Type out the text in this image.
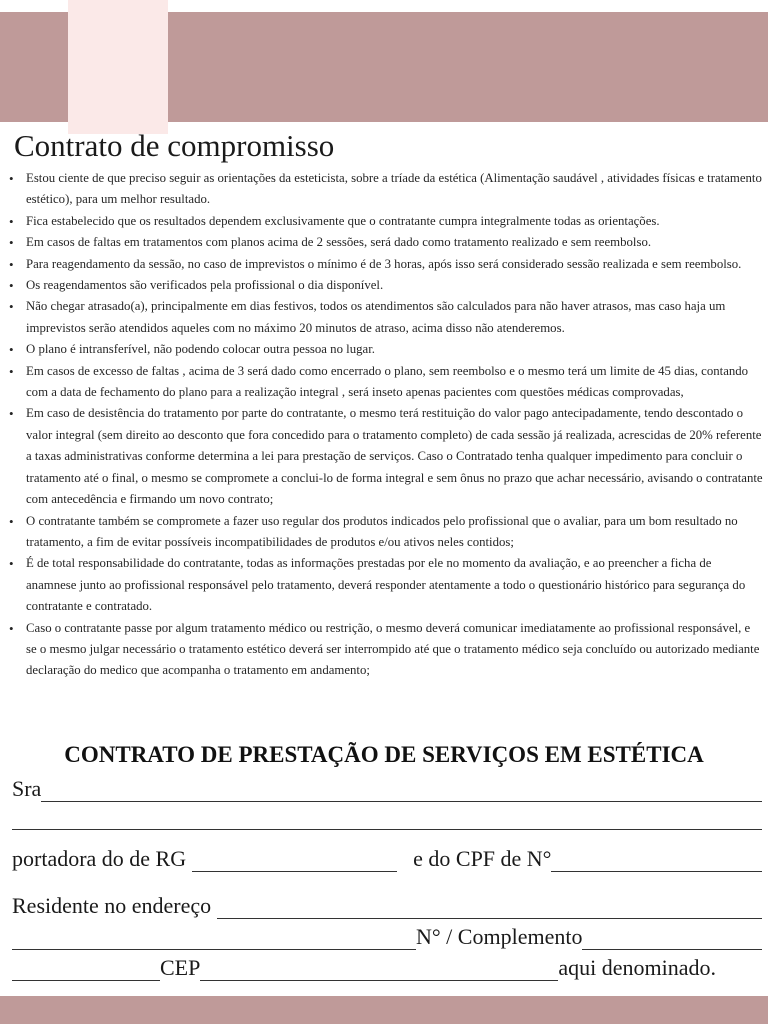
Contrato de compromisso
• Estou ciente de que preciso seguir as orientações da esteticista, sobre a tríade da estética (Alimentação saudável , atividades físicas e tratamento estético), para um melhor resultado.
• Fica estabelecido que os resultados dependem exclusivamente que o contratante cumpra integralmente todas as orientações.
• Em casos de faltas em tratamentos com planos acima de 2 sessões, será dado como tratamento realizado e sem reembolso.
• Para reagendamento da sessão, no caso de imprevistos o mínimo é de 3 horas, após isso será considerado sessão realizada e sem reembolso.
• Os reagendamentos são verificados pela profissional o dia disponível.
• Não chegar atrasado(a), principalmente em dias festivos, todos os atendimentos são calculados para não haver atrasos, mas caso haja um imprevistos serão atendidos aqueles com no máximo 20 minutos de atraso, acima disso não atenderemos.
• O plano é intransferível, não podendo colocar outra pessoa no lugar.
• Em casos de excesso de faltas , acima de 3 será dado como encerrado o plano, sem reembolso e o mesmo terá um limite de 45 dias, contando com a data de fechamento do plano para a realização integral , será inseto apenas pacientes com questões médicas comprovadas,
• Em caso de desistência do tratamento por parte do contratante, o mesmo terá restituição do valor pago antecipadamente, tendo descontado o valor integral (sem direito ao desconto que fora concedido para o tratamento completo) de cada sessão já realizada, acrescidas de 20% referente a taxas administrativas conforme determina a lei para prestação de serviços. Caso o Contratado tenha qualquer impedimento para concluir o tratamento até o final, o mesmo se compromete a conclui-lo de forma integral e sem ônus no prazo que achar necessário, avisando o contratante com antecedência e firmando um novo contrato;
• O contratante também se compromete a fazer uso regular dos produtos indicados pelo profissional que o avaliar, para um bom resultado no tratamento, a fim de evitar possíveis incompatibilidades de produtos e/ou ativos neles contidos;
• É de total responsabilidade do contratante, todas as informações prestadas por ele no momento da avaliação, e ao preencher a ficha de anamnese junto ao profissional responsável pelo tratamento, deverá responder atentamente a todo o questionário histórico para segurança do contratante e contratado.
• Caso o contratante passe por algum tratamento médico ou restrição, o mesmo deverá comunicar imediatamente ao profissional responsável, e se o mesmo julgar necessário o tratamento estético deverá ser interrompido até que o tratamento médico seja concluído ou autorizado mediante declaração do medico que acompanha o tratamento em andamento;
CONTRATO DE PRESTAÇÃO DE SERVIÇOS EM ESTÉTICA
Sra
portadora do de RG	e do CPF de N°
Residente no endereço
N° / Complemento
CEP	aqui denominado.
